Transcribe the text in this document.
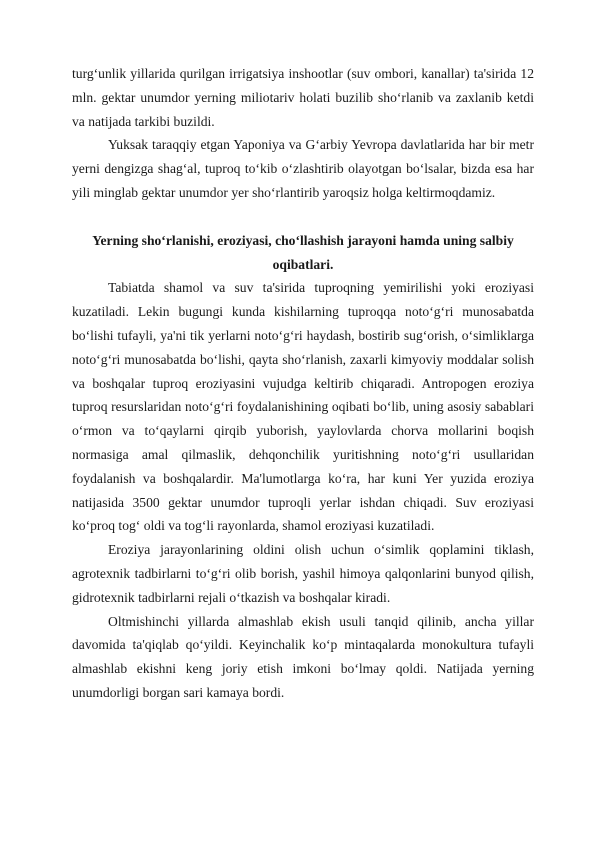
turg‘unlik yillarida qurilgan irrigatsiya inshootlar (suv ombori, kanallar) ta'sirida 12 mln. gektar unumdor yerning miliotariv holati buzilib sho‘rlanib va zaxlanib ketdi va natijada tarkibi buzildi.

Yuksak taraqqiy etgan Yaponiya va G‘arbiy Yevropa davlatlarida har bir metr yerni dengizga shag‘al, tuproq to‘kib o‘zlashtirib olayotgan bo‘lsalar, bizda esa har yili minglab gektar unumdor yer sho‘rlantirib yaroqsiz holga keltirmoqdamiz.

Yerning sho‘rlanishi, eroziyasi, cho‘llashish jarayoni hamda uning salbiy oqibatlari.

Tabiatda shamol va suv ta'sirida tuproqning yemirilishi yoki eroziyasi kuzatiladi. Lekin bugungi kunda kishilarning tuproqqa noto‘g‘ri munosabatda bo‘lishi tufayli, ya'ni tik yerlarni noto‘g‘ri haydash, bostirib sug‘orish, o‘simliklarga noto‘g‘ri munosabatda bo‘lishi, qayta sho‘rlanish, zaxarli kimyoviy moddalar solish va boshqalar tuproq eroziyasini vujudga keltirib chiqaradi. Antropogen eroziya tuproq resurslaridan noto‘g‘ri foydalanishining oqibati bo‘lib, uning asosiy sabablari o‘rmon va to‘qaylarni qirqib yuborish, yaylovlarda chorva mollarini boqish normasiga amal qilmaslik, dehqonchilik yuritishning noto‘g‘ri usullaridan foydalanish va boshqalardir. Ma'lumotlarga ko‘ra, har kuni Yer yuzida eroziya natijasida 3500 gektar unumdor tuproqli yerlar ishdan chiqadi. Suv eroziyasi ko‘proq tog‘ oldi va tog‘li rayonlarda, shamol eroziyasi kuzatiladi.

Eroziya jarayonlarining oldini olish uchun o‘simlik qoplamini tiklash, agrotexnik tadbirlarni to‘g‘ri olib borish, yashil himoya qalqonlarini bunyod qilish, gidrotexnik tadbirlarni rejali o‘tkazish va boshqalar kiradi.

Oltmishinchi yillarda almashlab ekish usuli tanqid qilinib, ancha yillar davomida ta'qiqlab qo‘yildi. Keyinchalik ko‘p mintaqalarda monokultura tufayli almashlab ekishni keng joriy etish imkoni bo‘lmay qoldi. Natijada yerning unumdorligi borgan sari kamaya bordi.
